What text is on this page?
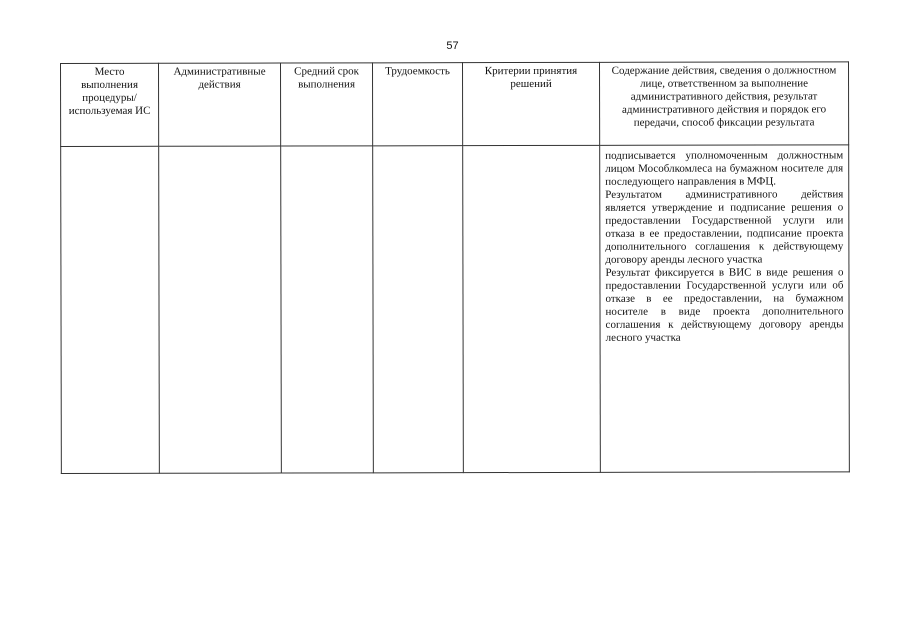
57
Место выполнения процедуры/ используемая ИС	Административные действия	Средний срок выполнения	Трудоемкость	Критерии принятия решений	Содержание действия, сведения о должностном лице, ответственном за выполнение административного действия, результат административного действия и порядок его передачи, способ фиксации результата

					подписывается уполномоченным должностным лицом Мособлкомлеса на бумажном носителе для последующего направления в МФЦ.

Результатом административного действия является утверждение и подписание решения о предоставлении Государственной услуги или отказа в ее предоставлении, подписание проекта дополнительного соглашения к действующему договору аренды лесного участка

Результат фиксируется в ВИС в виде решения о предоставлении Государственной услуги или об отказе в ее предоставлении, на бумажном носителе в виде проекта дополнительного соглашения к действующему договору аренды лесного участка
